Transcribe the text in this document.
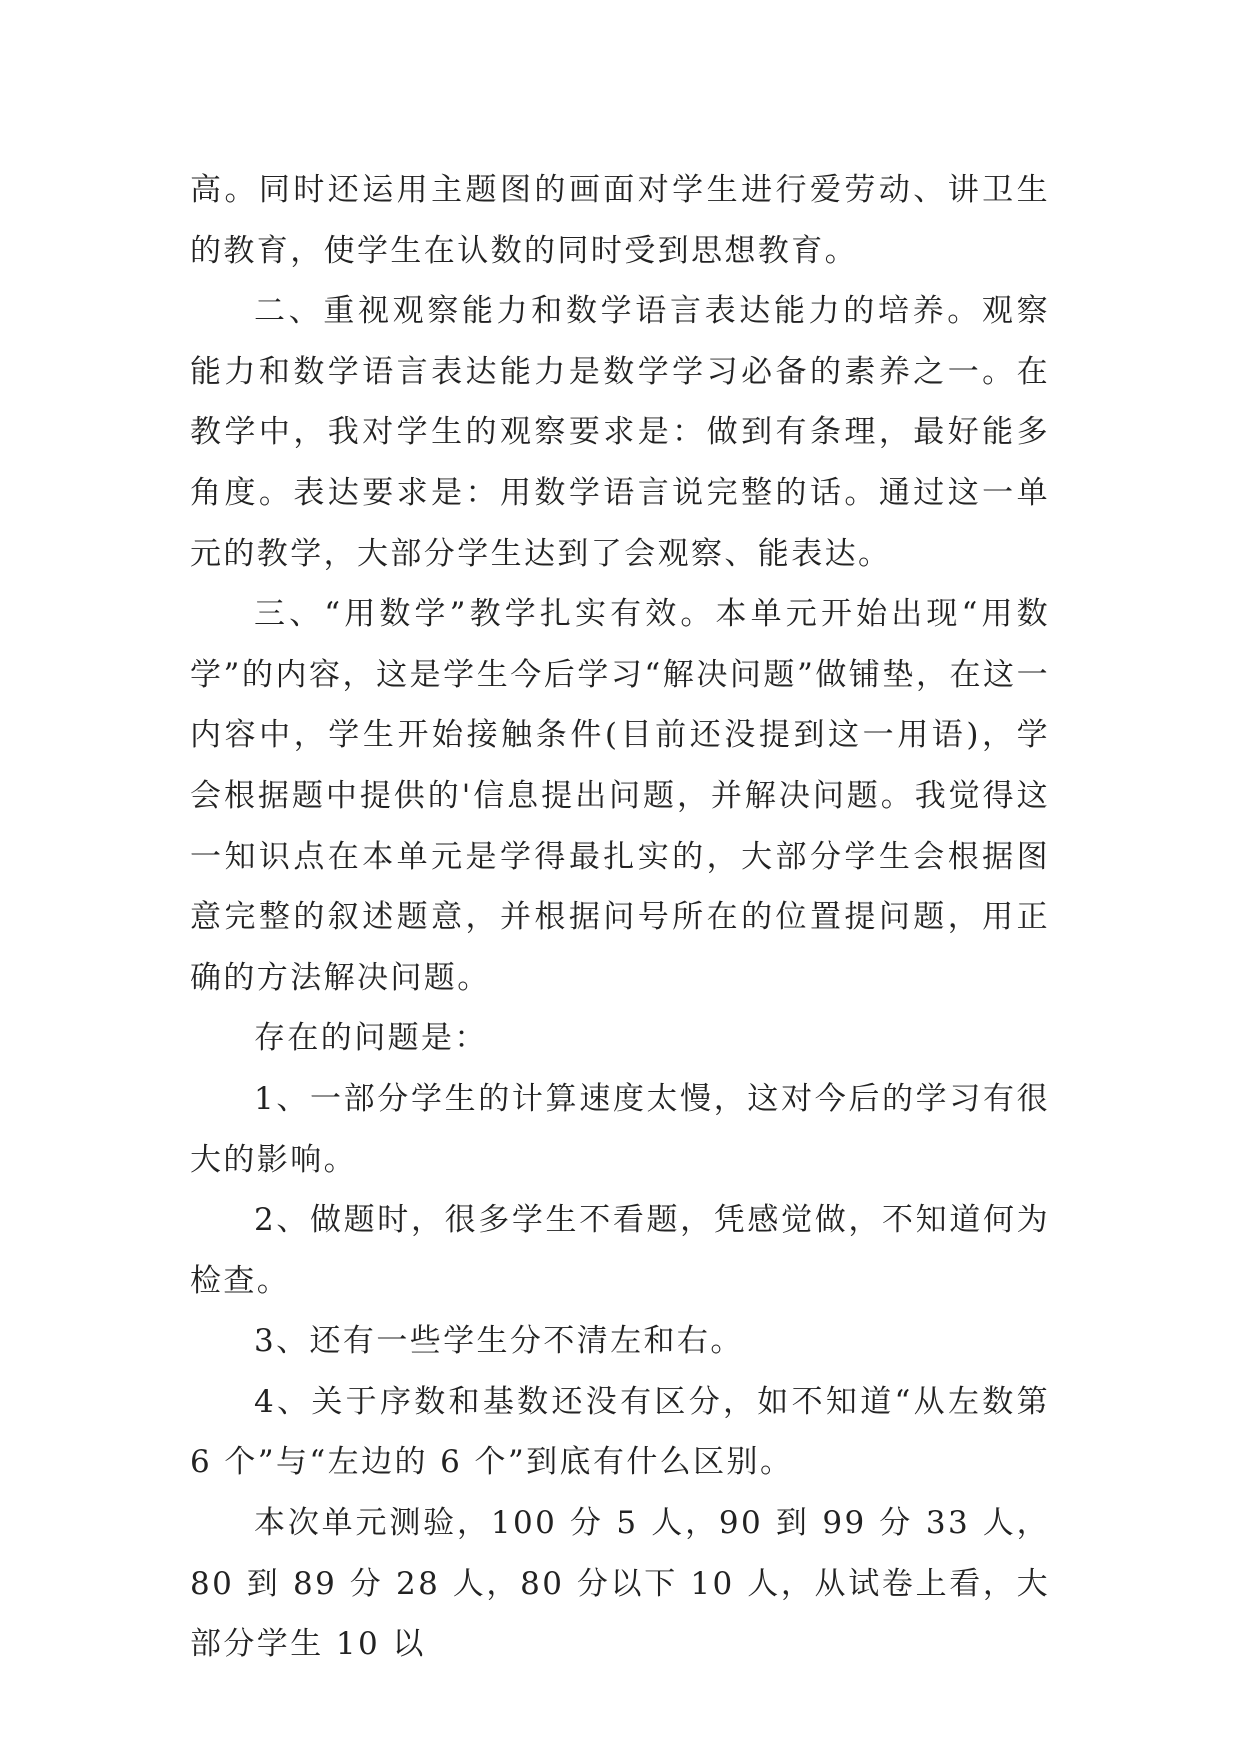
高。同时还运用主题图的画面对学生进行爱劳动、讲卫生的教育，使学生在认数的同时受到思想教育。

二、重视观察能力和数学语言表达能力的培养。观察能力和数学语言表达能力是数学学习必备的素养之一。在教学中，我对学生的观察要求是：做到有条理，最好能多角度。表达要求是：用数学语言说完整的话。通过这一单元的教学，大部分学生达到了会观察、能表达。

三、“用数学”教学扎实有效。本单元开始出现“用数学”的内容，这是学生今后学习“解决问题”做铺垫，在这一内容中，学生开始接触条件(目前还没提到这一用语)，学会根据题中提供的'信息提出问题，并解决问题。我觉得这一知识点在本单元是学得最扎实的，大部分学生会根据图意完整的叙述题意，并根据问号所在的位置提问题，用正确的方法解决问题。

存在的问题是：

1、一部分学生的计算速度太慢，这对今后的学习有很大的影响。

2、做题时，很多学生不看题，凭感觉做，不知道何为检查。

3、还有一些学生分不清左和右。

4、关于序数和基数还没有区分，如不知道“从左数第 6 个”与“左边的 6 个”到底有什么区别。

本次单元测验，100 分 5 人，90 到 99 分 33 人，80 到 89 分 28 人，80 分以下 10 人，从试卷上看，大部分学生 10 以
